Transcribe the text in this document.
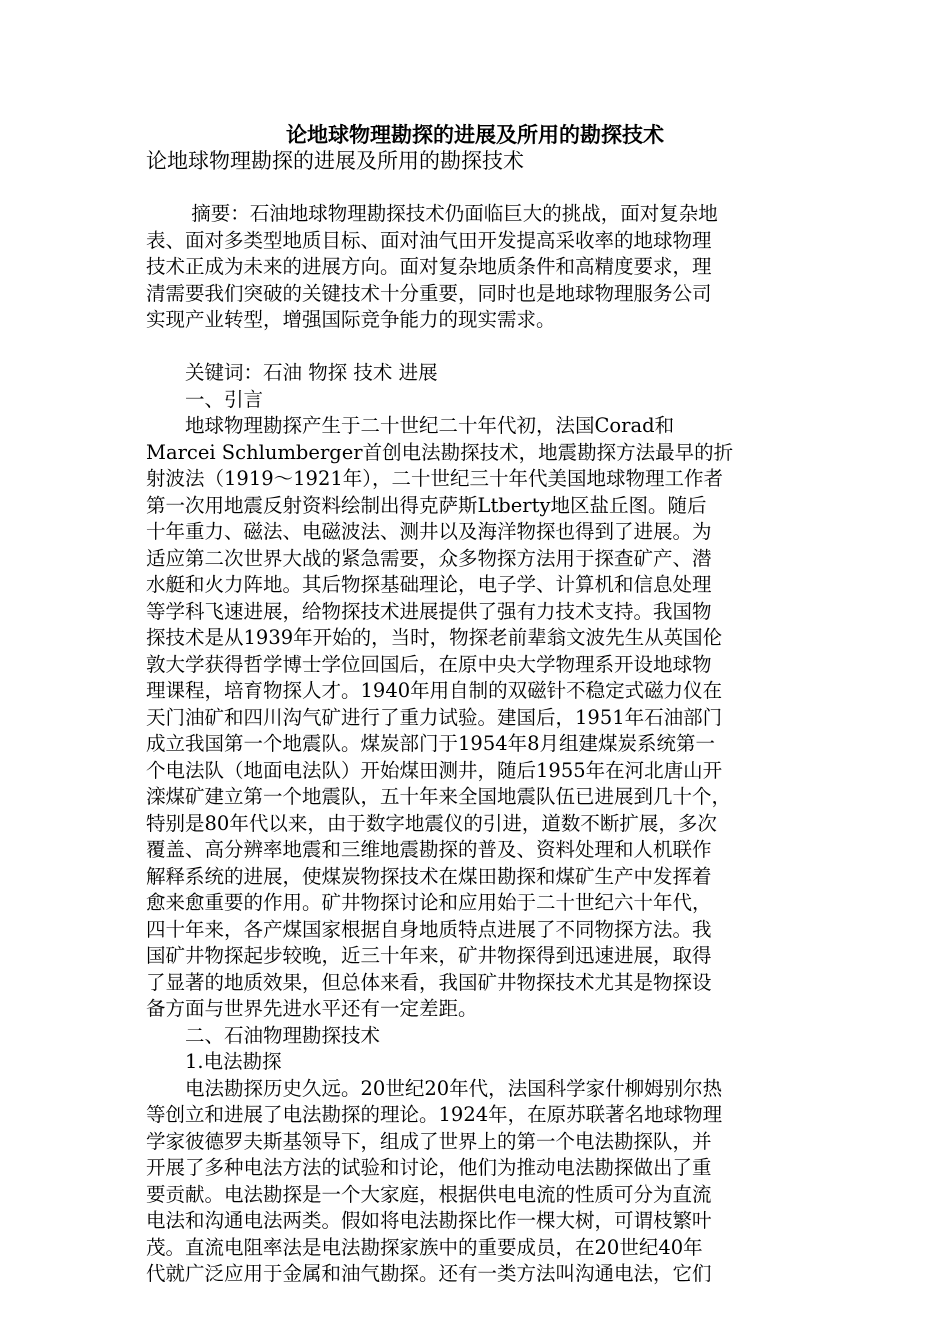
论地球物理勘探的进展及所用的勘探技术

论地球物理勘探的进展及所用的勘探技术

　　 摘要：石油地球物理勘探技术仍面临巨大的挑战，面对复杂地

表、面对多类型地质目标、面对油气田开发提高采收率的地球物理

技术正成为未来的进展方向。面对复杂地质条件和高精度要求，理

清需要我们突破的关键技术十分重要，同时也是地球物理服务公司

实现产业转型，增强国际竞争能力的现实需求。

　　关键词：石油 物探 技术 进展

　　一、引言

　　地球物理勘探产生于二十世纪二十年代初，法国Corad和

Marcei Schlumberger首创电法勘探技术，地震勘探方法最早的折

射波法（1919～1921年），二十世纪三十年代美国地球物理工作者

第一次用地震反射资料绘制出得克萨斯Ltberty地区盐丘图。随后

十年重力、磁法、电磁波法、测井以及海洋物探也得到了进展。为

适应第二次世界大战的紧急需要，众多物探方法用于探查矿产、潜

水艇和火力阵地。其后物探基础理论，电子学、计算机和信息处理

等学科飞速进展，给物探技术进展提供了强有力技术支持。我国物

探技术是从1939年开始的，当时，物探老前辈翁文波先生从英国伦

敦大学获得哲学博士学位回国后，在原中央大学物理系开设地球物

理课程，培育物探人才。1940年用自制的双磁针不稳定式磁力仪在

天门油矿和四川沟气矿进行了重力试验。建国后，1951年石油部门

成立我国第一个地震队。煤炭部门于1954年8月组建煤炭系统第一

个电法队（地面电法队）开始煤田测井，随后1955年在河北唐山开

滦煤矿建立第一个地震队，五十年来全国地震队伍已进展到几十个，

特别是80年代以来，由于数字地震仪的引进，道数不断扩展，多次

覆盖、高分辨率地震和三维地震勘探的普及、资料处理和人机联作

解释系统的进展，使煤炭物探技术在煤田勘探和煤矿生产中发挥着

愈来愈重要的作用。矿井物探讨论和应用始于二十世纪六十年代，

四十年来，各产煤国家根据自身地质特点进展了不同物探方法。我

国矿井物探起步较晚，近三十年来，矿井物探得到迅速进展，取得

了显著的地质效果，但总体来看，我国矿井物探技术尤其是物探设

备方面与世界先进水平还有一定差距。

　　二、石油物理勘探技术

　　1.电法勘探

　　电法勘探历史久远。20世纪20年代，法国科学家什柳姆别尔热

等创立和进展了电法勘探的理论。1924年，在原苏联著名地球物理

学家彼德罗夫斯基领导下，组成了世界上的第一个电法勘探队，并

开展了多种电法方法的试验和讨论，他们为推动电法勘探做出了重

要贡献。电法勘探是一个大家庭，根据供电电流的性质可分为直流

电法和沟通电法两类。假如将电法勘探比作一棵大树，可谓枝繁叶

茂。直流电阻率法是电法勘探家族中的重要成员，在20世纪40年

代就广泛应用于金属和油气勘探。还有一类方法叫沟通电法，它们
